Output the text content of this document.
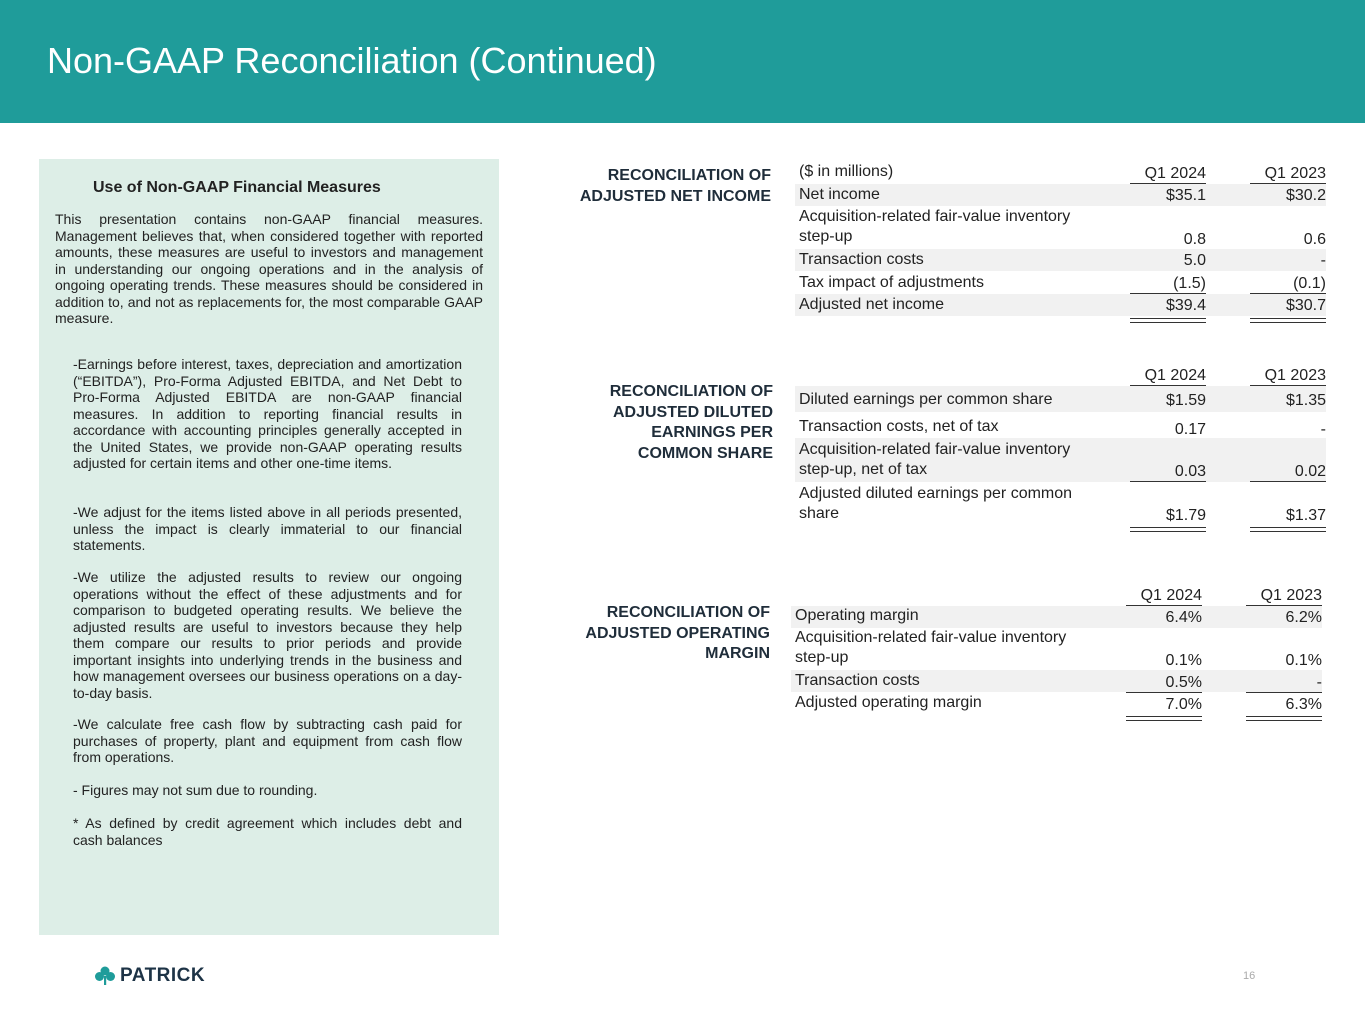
Non-GAAP Reconciliation (Continued)
Use of Non-GAAP Financial Measures
This presentation contains non-GAAP financial measures. Management believes that, when considered together with reported amounts, these measures are useful to investors and management in understanding our ongoing operations and in the analysis of ongoing operating trends. These measures should be considered in addition to, and not as replacements for, the most comparable GAAP measure.
-Earnings before interest, taxes, depreciation and amortization (“EBITDA”), Pro-Forma Adjusted EBITDA, and Net Debt to Pro-Forma Adjusted EBITDA are non-GAAP financial measures. In addition to reporting financial results in accordance with accounting principles generally accepted in the United States, we provide non-GAAP operating results adjusted for certain items and other one-time items.
-We adjust for the items listed above in all periods presented, unless the impact is clearly immaterial to our financial statements.
-We utilize the adjusted results to review our ongoing operations without the effect of these adjustments and for comparison to budgeted operating results. We believe the adjusted results are useful to investors because they help them compare our results to prior periods and provide important insights into underlying trends in the business and how management oversees our business operations on a day-to-day basis.
-We calculate free cash flow by subtracting cash paid for purchases of property, plant and equipment from cash flow from operations.
- Figures may not sum due to rounding.
* As defined by credit agreement which includes debt and cash balances
RECONCILIATION OF ADJUSTED NET INCOME
($ in millions)	Q1 2024	Q1 2023
Net income	$35.1	$30.2
Acquisition-related fair-value inventory step-up	0.8	0.6
Transaction costs	5.0	-
Tax impact of adjustments	(1.5)	(0.1)
Adjusted net income	$39.4	$30.7
RECONCILIATION OF ADJUSTED DILUTED EARNINGS PER COMMON SHARE
Q1 2024	Q1 2023
Diluted earnings per common share	$1.59	$1.35
Transaction costs, net of tax	0.17	-
Acquisition-related fair-value inventory step-up, net of tax	0.03	0.02
Adjusted diluted earnings per common share	$1.79	$1.37
RECONCILIATION OF ADJUSTED OPERATING MARGIN
Q1 2024	Q1 2023
Operating margin	6.4%	6.2%
Acquisition-related fair-value inventory step-up	0.1%	0.1%
Transaction costs	0.5%	-
Adjusted operating margin	7.0%	6.3%
PATRICK	16
